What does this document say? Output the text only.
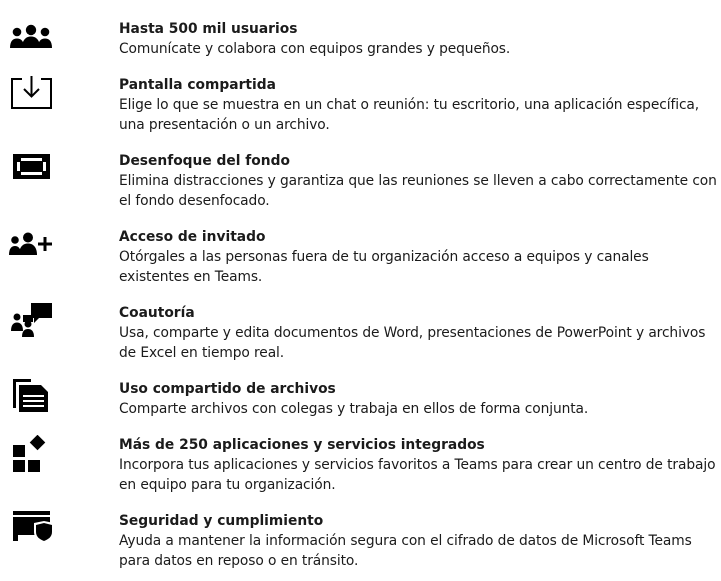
Hasta 500 mil usuarios
Comunícate y colabora con equipos grandes y pequeños.
Pantalla compartida
Elige lo que se muestra en un chat o reunión: tu escritorio, una aplicación específica, una presentación o un archivo.
Desenfoque del fondo
Elimina distracciones y garantiza que las reuniones se lleven a cabo correctamente con el fondo desenfocado.
Acceso de invitado
Otórgales a las personas fuera de tu organización acceso a equipos y canales existentes en Teams.
Coautoría
Usa, comparte y edita documentos de Word, presentaciones de PowerPoint y archivos de Excel en tiempo real.
Uso compartido de archivos
Comparte archivos con colegas y trabaja en ellos de forma conjunta.
Más de 250 aplicaciones y servicios integrados
Incorpora tus aplicaciones y servicios favoritos a Teams para crear un centro de trabajo en equipo para tu organización.
Seguridad y cumplimiento
Ayuda a mantener la información segura con el cifrado de datos de Microsoft Teams para datos en reposo o en tránsito.
